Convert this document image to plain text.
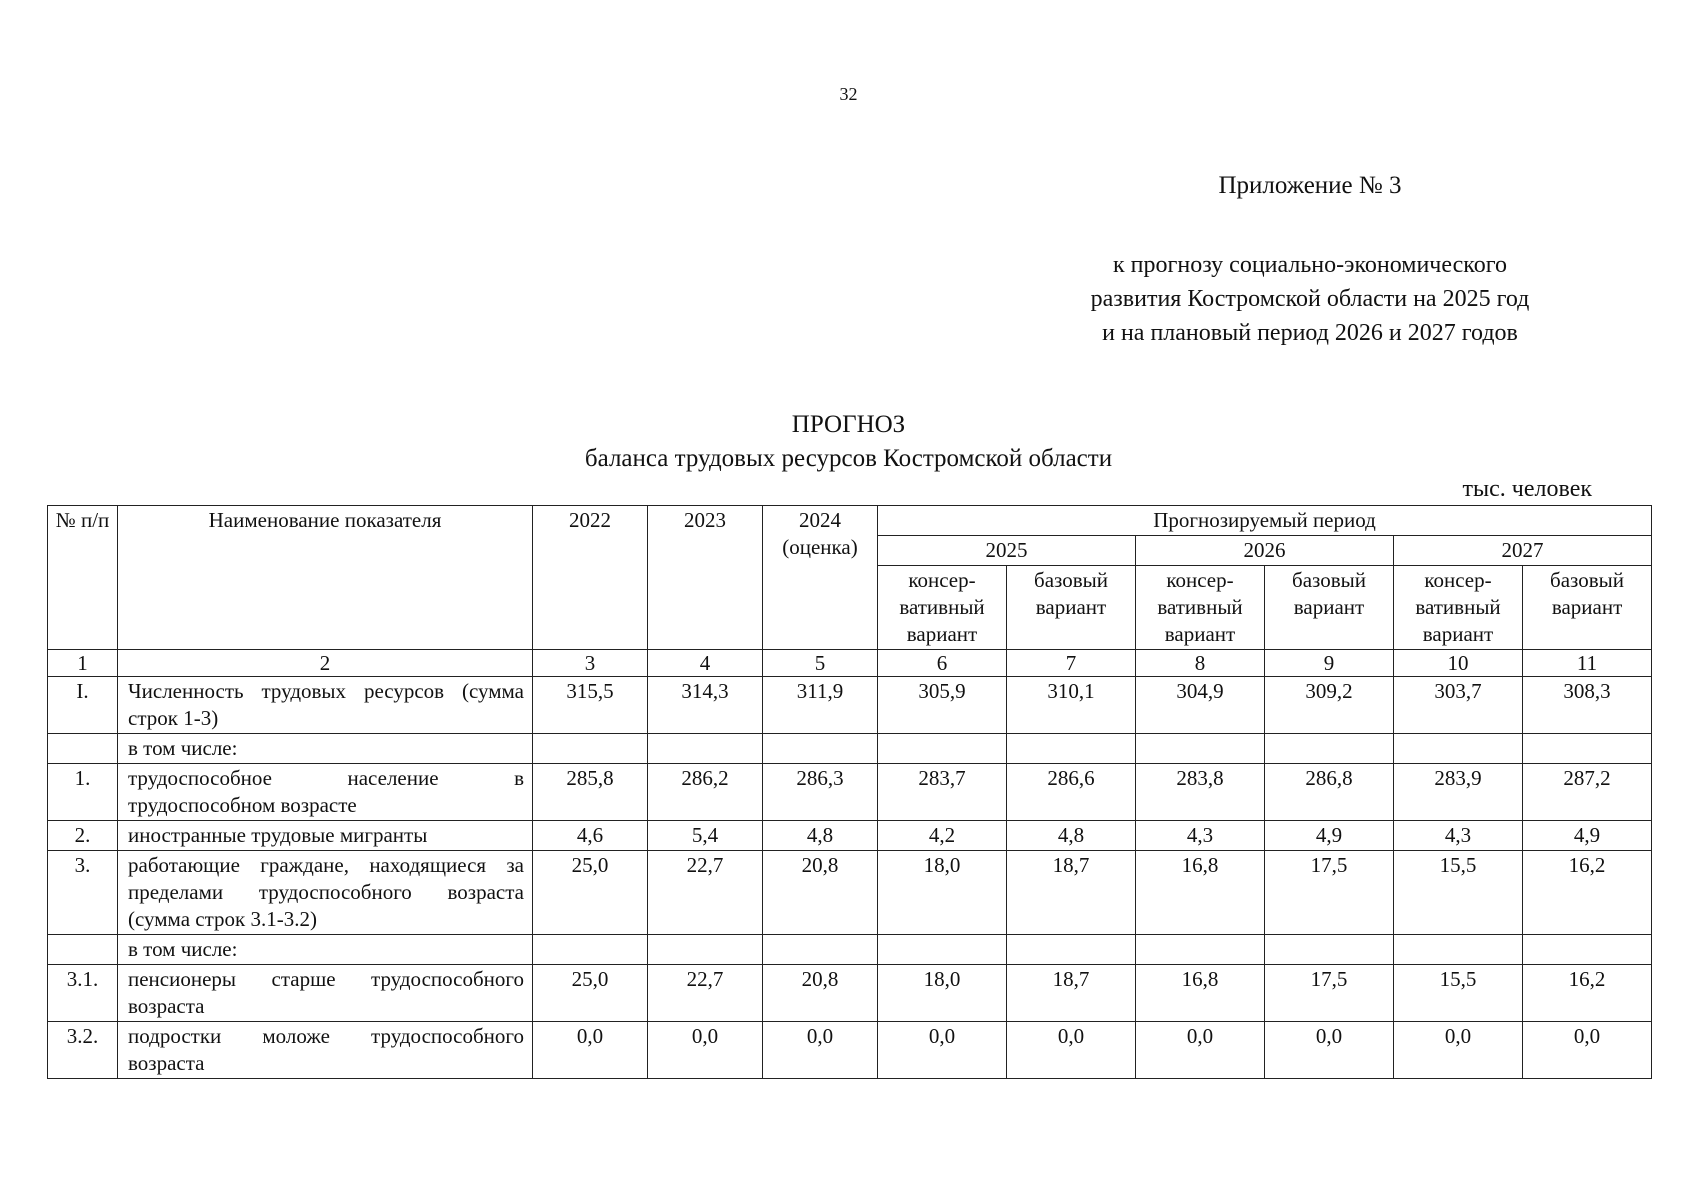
32
Приложение № 3
к прогнозу социально-экономического
развития Костромской области на 2025 год
и на плановый период 2026 и 2027 годов
ПРОГНОЗ
баланса трудовых ресурсов Костромской области
тыс. человек
№ п/п	Наименование показателя	2022	2023	2024 (оценка)	Прогнозируемый период					
					2025		2026		2027	
					консер-вативный вариант	базовый вариант	консер-вативный вариант	базовый вариант	консер-вативный вариант	базовый вариант
1	2	3	4	5	6	7	8	9	10	11
I.	Численность трудовых ресурсов (сумма строк 1-3)	315,5	314,3	311,9	305,9	310,1	304,9	309,2	303,7	308,3
	в том числе:									
1.	трудоспособное население в трудоспособном возрасте	285,8	286,2	286,3	283,7	286,6	283,8	286,8	283,9	287,2
2.	иностранные трудовые мигранты	4,6	5,4	4,8	4,2	4,8	4,3	4,9	4,3	4,9
3.	работающие граждане, находящиеся за пределами трудоспособного возраста (сумма строк 3.1-3.2)	25,0	22,7	20,8	18,0	18,7	16,8	17,5	15,5	16,2
	в том числе:									
3.1.	пенсионеры старше трудоспособного возраста	25,0	22,7	20,8	18,0	18,7	16,8	17,5	15,5	16,2
3.2.	подростки моложе трудоспособного возраста	0,0	0,0	0,0	0,0	0,0	0,0	0,0	0,0	0,0
